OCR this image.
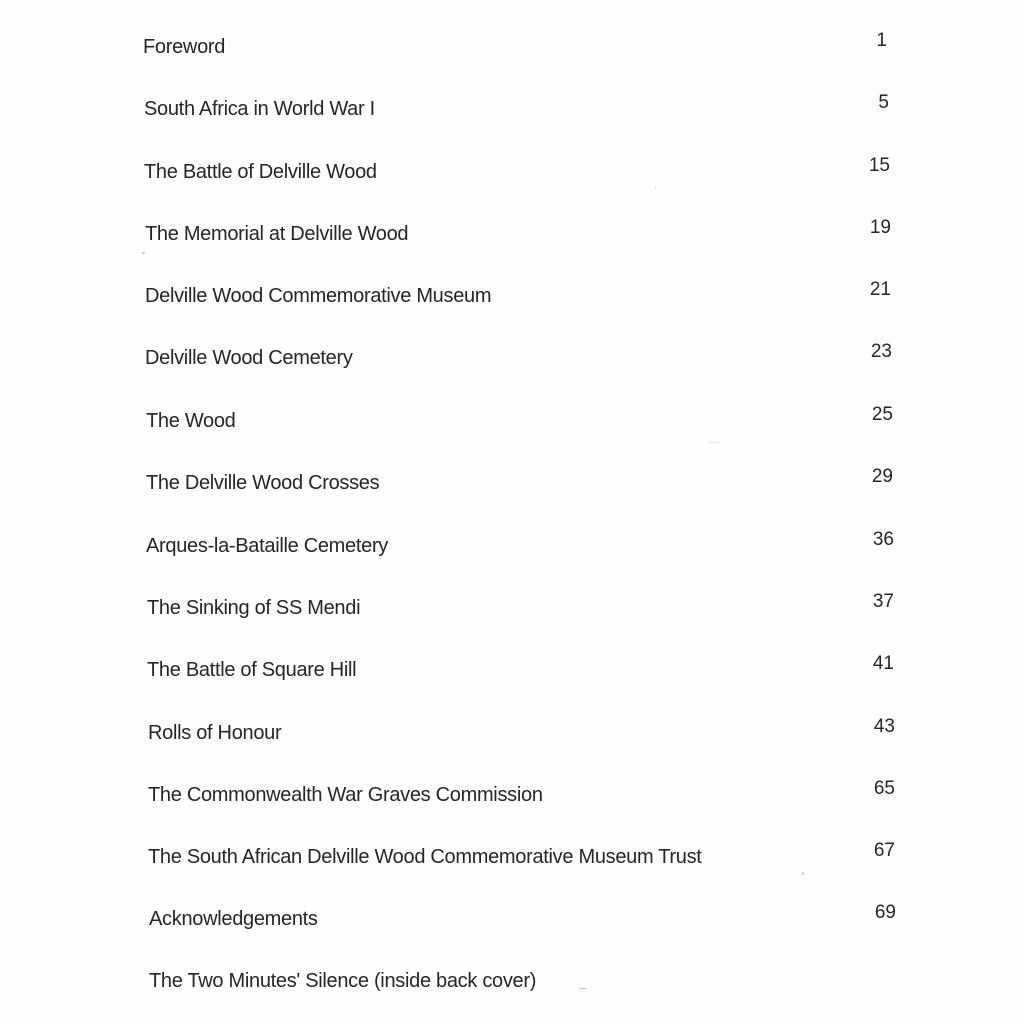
Foreword	1
South Africa in World War I	5
The Battle of Delville Wood	15
The Memorial at Delville Wood	19
Delville Wood Commemorative Museum	21
Delville Wood Cemetery	23
The Wood	25
The Delville Wood Crosses	29
Arques-la-Bataille Cemetery	36
The Sinking of SS Mendi	37
The Battle of Square Hill	41
Rolls of Honour	43
The Commonwealth War Graves Commission	65
The South African Delville Wood Commemorative Museum Trust	67
Acknowledgements	69
The Two Minutes' Silence (inside back cover)
